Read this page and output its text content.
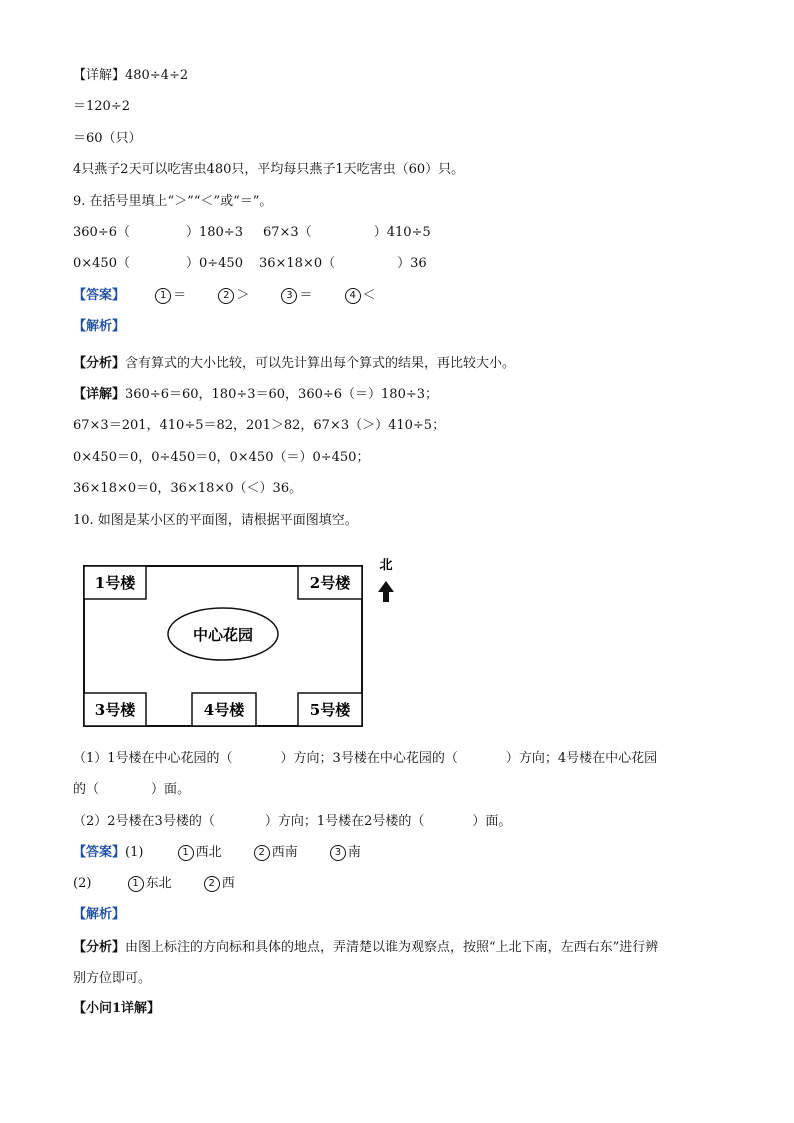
【详解】480÷4÷2
＝120÷2
＝60（只）
4只燕子2天可以吃害虫480只，平均每只燕子1天吃害虫（60）只。
9. 在括号里填上“＞”“＜”或“＝”。
360÷6（	）180÷3 67×3（	）410÷5
0×450（	）0÷450 36×18×0（	）36
【答案】	1 ＝	2 ＞	3 ＝	4 ＜
【解析】
【分析】含有算式的大小比较，可以先计算出每个算式的结果，再比较大小。
【详解】360÷6＝60，180÷3＝60，360÷6（＝）180÷3；
67×3＝201，410÷5＝82，201＞82，67×3（＞）410÷5；
0×450＝0，0÷450＝0，0×450（＝）0÷450；
36×18×0＝0，36×18×0（＜）36。
10. 如图是某小区的平面图，请根据平面图填空。
1号楼	2号楼
中心花园
3号楼	4号楼	5号楼
北
（1）1号楼在中心花园的（	）方向；3号楼在中心花园的（	）方向；4号楼在中心花园
的（	）面。
（2）2号楼在3号楼的（	）方向；1号楼在2号楼的（	）面。
【答案】(1)	1 西北	2 西南	3 南
(2)	1 东北	2 西
【解析】
【分析】由图上标注的方向标和具体的地点，弄清楚以谁为观察点，按照“上北下南，左西右东”进行辨
别方位即可。
【小问1详解】
